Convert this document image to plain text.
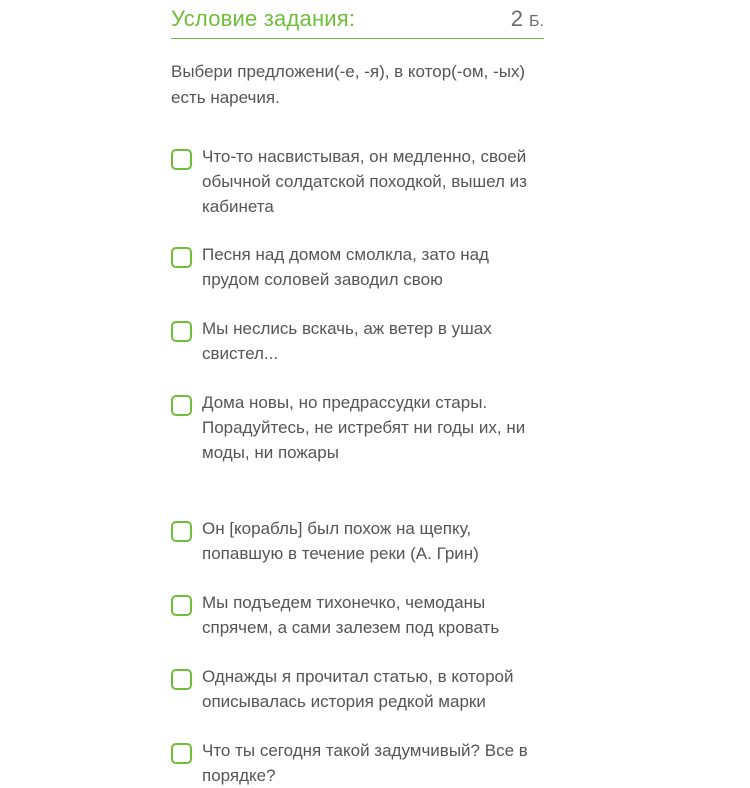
Условие задания:	2 Б.
Выбери предложени(-е, -я), в котор(-ом, -ых) есть наречия.
Что-то насвистывая, он медленно, своей обычной солдатской походкой, вышел из кабинета
Песня над домом смолкла, зато над прудом соловей заводил свою
Мы неслись вскачь, аж ветер в ушах свистел...
Дома новы, но предрассудки стары. Порадуйтесь, не истребят ни годы их, ни моды, ни пожары
Он [корабль] был похож на щепку, попавшую в течение реки (А. Грин)
Мы подъедем тихонечко, чемоданы спрячем, а сами залезем под кровать
Однажды я прочитал статью, в которой описывалась история редкой марки
Что ты сегодня такой задумчивый? Все в порядке?
